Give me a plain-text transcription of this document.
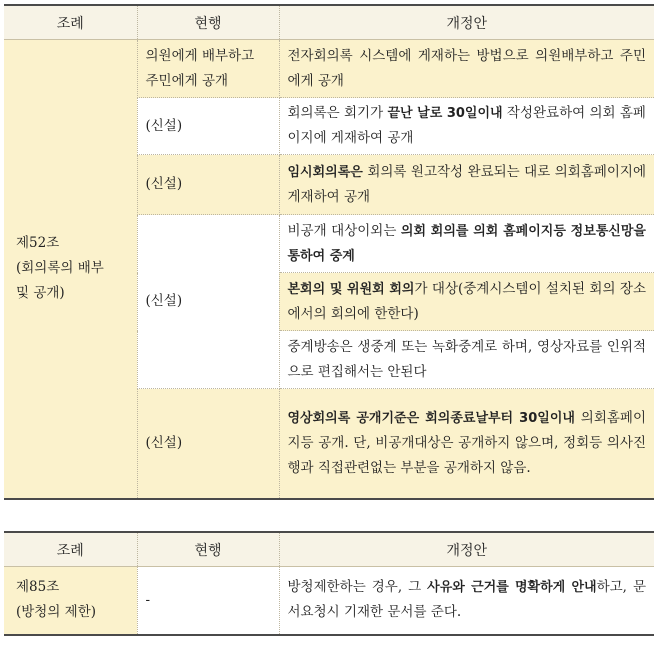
조례	현행	개정안
제52조
(회의록의 배부
및 공개)	의원에게 배부하고
주민에게 공개	전자회의록 시스템에 게재하는 방법으로 의원배부하고 주민에게 공개
	(신설)	회의록은 회기가 끝난 날로 30일이내 작성완료하여 의회 홈페이지에 게재하여 공개
	(신설)	임시회의록은 회의록 원고작성 완료되는 대로 의회홈페이지에 게재하여 공개
	(신설)	비공개 대상이외는 의회 회의를 의회 홈페이지등 정보통신망을 통하여 중계
		본회의 및 위원회 회의가 대상(중계시스템이 설치된 회의 장소에서의 회의에 한한다)
		중계방송은 생중계 또는 녹화중계로 하며, 영상자료를 인위적으로 편집해서는 안된다
	(신설)	영상회의록 공개기준은 회의종료날부터 30일이내 의회홈페이지등 공개. 단, 비공개대상은 공개하지 않으며, 정회등 의사진행과 직접관련없는 부분을 공개하지 않음.
조례	현행	개정안
제85조
(방청의 제한)	-	방청제한하는 경우, 그 사유와 근거를 명확하게 안내하고, 문서요청시 기재한 문서를 준다.
